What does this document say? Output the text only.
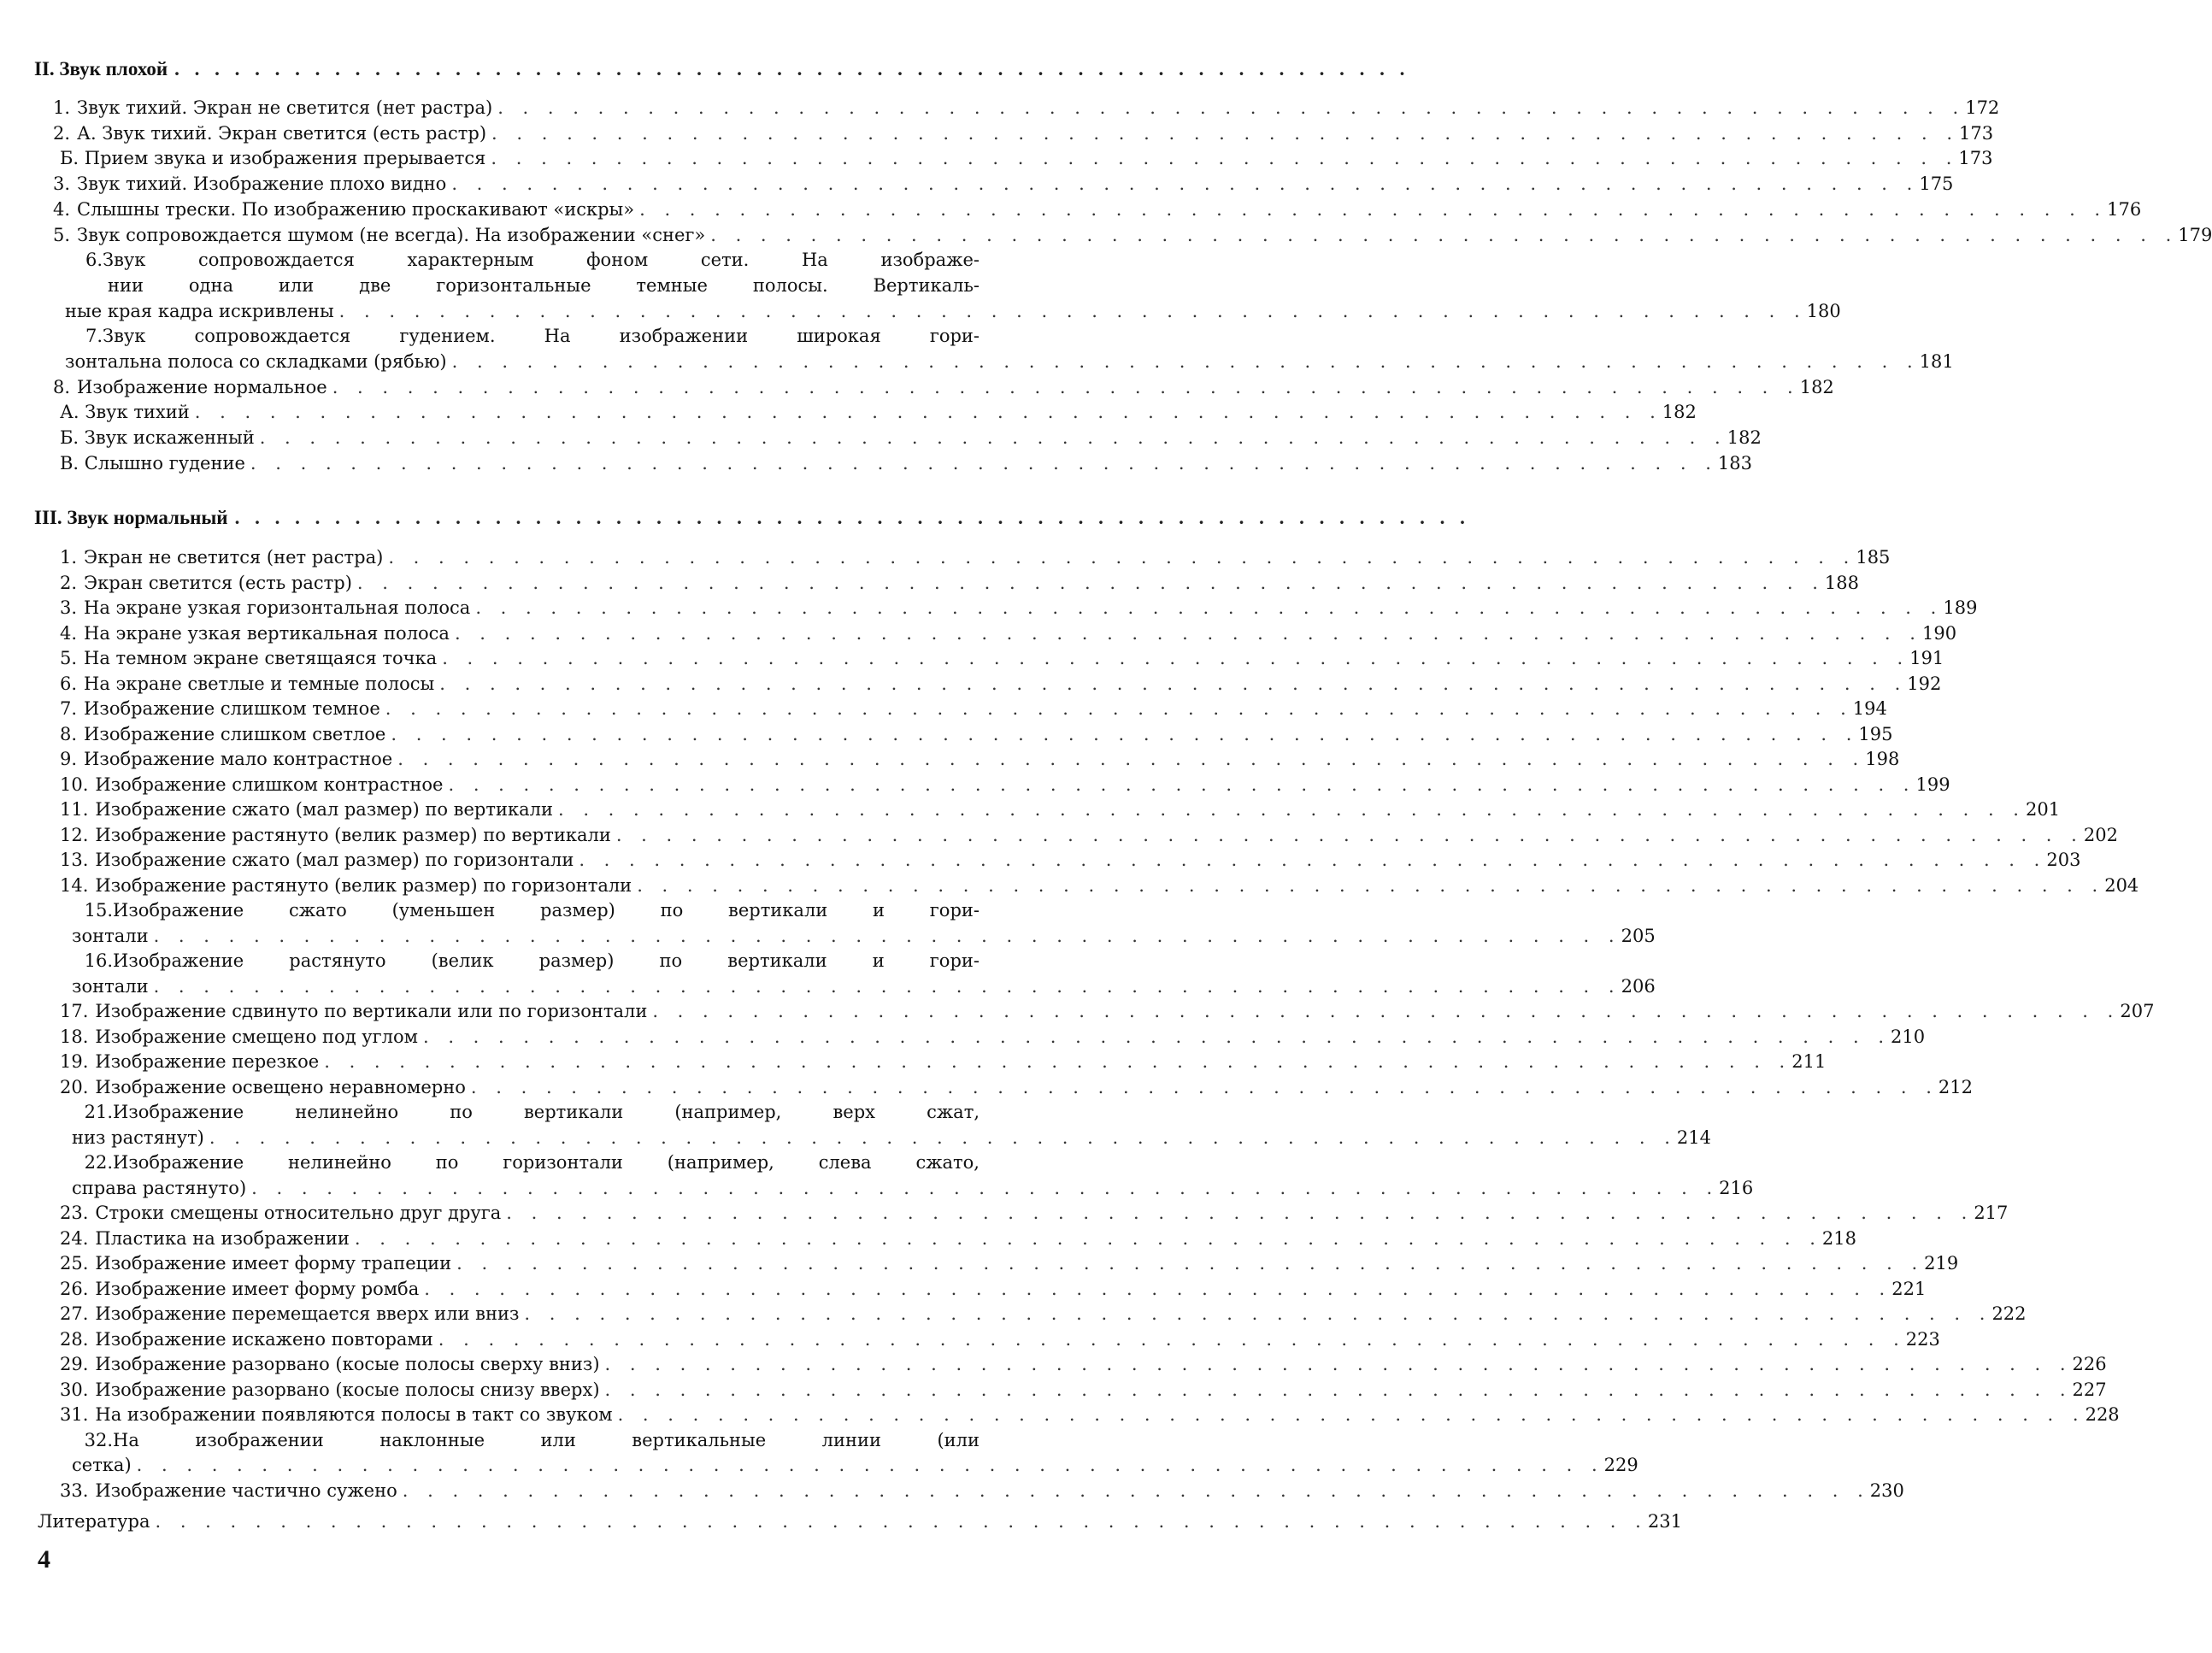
II. Звук плохой . . . . . . . . . . . . . . . . . . . . . . . . . . . . . . . . . . . . . . . . . . . . . . . . . . . . . . . . . . . . . .
1. Звук тихий. Экран не светится (нет растра) . . . . . . . . . . . . . . . . . . . . . . . . . . . . . . . . . . . . . . . . . . . . . . . . . . . . . . . . . . . 172
2. А. Звук тихий. Экран светится (есть растр) . . . . . . . . . . . . . . . . . . . . . . . . . . . . . . . . . . . . . . . . . . . . . . . . . . . . . . . . . . . 173
Б. Прием звука и изображения прерывается . . . . . . . . . . . . . . . . . . . . . . . . . . . . . . . . . . . . . . . . . . . . . . . . . . . . . . . . . . . 173
3. Звук тихий. Изображение плохо видно . . . . . . . . . . . . . . . . . . . . . . . . . . . . . . . . . . . . . . . . . . . . . . . . . . . . . . . . . . . 175
4. Слышны трески. По изображению проскакивают «искры» . . . . . . . . . . . . . . . . . . . . . . . . . . . . . . . . . . . . . . . . . . . . . . . . . . . . . . . . . . . 176
5. Звук сопровождается шумом (не всегда). На изображении «снег» . . . . . . . . . . . . . . . . . . . . . . . . . . . . . . . . . . . . . . . . . . . . . . . . . . . . . . . . . . . 179
6. Звук сопровождается характерным фоном сети. На изображе-
нии одна или две горизонтальные темные полосы. Вертикаль-
ные края кадра искривлены . . . . . . . . . . . . . . . . . . . . . . . . . . . . . . . . . . . . . . . . . . . . . . . . . . . . . . . . . . . 180
7. Звук сопровождается гудением. На изображении широкая гори-
зонтальна полоса со складками (рябью) . . . . . . . . . . . . . . . . . . . . . . . . . . . . . . . . . . . . . . . . . . . . . . . . . . . . . . . . . . . 181
8. Изображение нормальное . . . . . . . . . . . . . . . . . . . . . . . . . . . . . . . . . . . . . . . . . . . . . . . . . . . . . . . . . . . 182
А. Звук тихий . . . . . . . . . . . . . . . . . . . . . . . . . . . . . . . . . . . . . . . . . . . . . . . . . . . . . . . . . . . 182
Б. Звук искаженный . . . . . . . . . . . . . . . . . . . . . . . . . . . . . . . . . . . . . . . . . . . . . . . . . . . . . . . . . . . 182
В. Слышно гудение . . . . . . . . . . . . . . . . . . . . . . . . . . . . . . . . . . . . . . . . . . . . . . . . . . . . . . . . . . . 183
III. Звук нормальный . . . . . . . . . . . . . . . . . . . . . . . . . . . . . . . . . . . . . . . . . . . . . . . . . . . . . . . . . . . . . .
1. Экран не светится (нет растра) . . . . . . . . . . . . . . . . . . . . . . . . . . . . . . . . . . . . . . . . . . . . . . . . . . . . . . . . . . . 185
2. Экран светится (есть растр) . . . . . . . . . . . . . . . . . . . . . . . . . . . . . . . . . . . . . . . . . . . . . . . . . . . . . . . . . . . 188
3. На экране узкая горизонтальная полоса . . . . . . . . . . . . . . . . . . . . . . . . . . . . . . . . . . . . . . . . . . . . . . . . . . . . . . . . . . . 189
4. На экране узкая вертикальная полоса . . . . . . . . . . . . . . . . . . . . . . . . . . . . . . . . . . . . . . . . . . . . . . . . . . . . . . . . . . . 190
5. На темном экране светящаяся точка . . . . . . . . . . . . . . . . . . . . . . . . . . . . . . . . . . . . . . . . . . . . . . . . . . . . . . . . . . . 191
6. На экране светлые и темные полосы . . . . . . . . . . . . . . . . . . . . . . . . . . . . . . . . . . . . . . . . . . . . . . . . . . . . . . . . . . . 192
7. Изображение слишком темное . . . . . . . . . . . . . . . . . . . . . . . . . . . . . . . . . . . . . . . . . . . . . . . . . . . . . . . . . . . 194
8. Изображение слишком светлое . . . . . . . . . . . . . . . . . . . . . . . . . . . . . . . . . . . . . . . . . . . . . . . . . . . . . . . . . . . 195
9. Изображение мало контрастное . . . . . . . . . . . . . . . . . . . . . . . . . . . . . . . . . . . . . . . . . . . . . . . . . . . . . . . . . . . 198
10. Изображение слишком контрастное . . . . . . . . . . . . . . . . . . . . . . . . . . . . . . . . . . . . . . . . . . . . . . . . . . . . . . . . . . . 199
11. Изображение сжато (мал размер) по вертикали . . . . . . . . . . . . . . . . . . . . . . . . . . . . . . . . . . . . . . . . . . . . . . . . . . . . . . . . . . . 201
12. Изображение растянуто (велик размер) по вертикали . . . . . . . . . . . . . . . . . . . . . . . . . . . . . . . . . . . . . . . . . . . . . . . . . . . . . . . . . . . 202
13. Изображение сжато (мал размер) по горизонтали . . . . . . . . . . . . . . . . . . . . . . . . . . . . . . . . . . . . . . . . . . . . . . . . . . . . . . . . . . . 203
14. Изображение растянуто (велик размер) по горизонтали . . . . . . . . . . . . . . . . . . . . . . . . . . . . . . . . . . . . . . . . . . . . . . . . . . . . . . . . . . . 204
15. Изображение сжато (уменьшен размер) по вертикали и гори-
зонтали . . . . . . . . . . . . . . . . . . . . . . . . . . . . . . . . . . . . . . . . . . . . . . . . . . . . . . . . . . . 205
16. Изображение растянуто (велик размер) по вертикали и гори-
зонтали . . . . . . . . . . . . . . . . . . . . . . . . . . . . . . . . . . . . . . . . . . . . . . . . . . . . . . . . . . . 206
17. Изображение сдвинуто по вертикали или по горизонтали . . . . . . . . . . . . . . . . . . . . . . . . . . . . . . . . . . . . . . . . . . . . . . . . . . . . . . . . . . . 207
18. Изображение смещено под углом . . . . . . . . . . . . . . . . . . . . . . . . . . . . . . . . . . . . . . . . . . . . . . . . . . . . . . . . . . . 210
19. Изображение перезкое . . . . . . . . . . . . . . . . . . . . . . . . . . . . . . . . . . . . . . . . . . . . . . . . . . . . . . . . . . . 211
20. Изображение освещено неравномерно . . . . . . . . . . . . . . . . . . . . . . . . . . . . . . . . . . . . . . . . . . . . . . . . . . . . . . . . . . . 212
21. Изображение нелинейно по вертикали (например, верх сжат,
низ растянут) . . . . . . . . . . . . . . . . . . . . . . . . . . . . . . . . . . . . . . . . . . . . . . . . . . . . . . . . . . . 214
22. Изображение нелинейно по горизонтали (например, слева сжато,
справа растянуто) . . . . . . . . . . . . . . . . . . . . . . . . . . . . . . . . . . . . . . . . . . . . . . . . . . . . . . . . . . . 216
23. Строки смещены относительно друг друга . . . . . . . . . . . . . . . . . . . . . . . . . . . . . . . . . . . . . . . . . . . . . . . . . . . . . . . . . . . 217
24. Пластика на изображении . . . . . . . . . . . . . . . . . . . . . . . . . . . . . . . . . . . . . . . . . . . . . . . . . . . . . . . . . . . 218
25. Изображение имеет форму трапеции . . . . . . . . . . . . . . . . . . . . . . . . . . . . . . . . . . . . . . . . . . . . . . . . . . . . . . . . . . . 219
26. Изображение имеет форму ромба . . . . . . . . . . . . . . . . . . . . . . . . . . . . . . . . . . . . . . . . . . . . . . . . . . . . . . . . . . . 221
27. Изображение перемещается вверх или вниз . . . . . . . . . . . . . . . . . . . . . . . . . . . . . . . . . . . . . . . . . . . . . . . . . . . . . . . . . . . 222
28. Изображение искажено повторами . . . . . . . . . . . . . . . . . . . . . . . . . . . . . . . . . . . . . . . . . . . . . . . . . . . . . . . . . . . 223
29. Изображение разорвано (косые полосы сверху вниз) . . . . . . . . . . . . . . . . . . . . . . . . . . . . . . . . . . . . . . . . . . . . . . . . . . . . . . . . . . . 226
30. Изображение разорвано (косые полосы снизу вверх) . . . . . . . . . . . . . . . . . . . . . . . . . . . . . . . . . . . . . . . . . . . . . . . . . . . . . . . . . . . 227
31. На изображении появляются полосы в такт со звуком . . . . . . . . . . . . . . . . . . . . . . . . . . . . . . . . . . . . . . . . . . . . . . . . . . . . . . . . . . . 228
32. На изображении наклонные или вертикальные линии (или
сетка) . . . . . . . . . . . . . . . . . . . . . . . . . . . . . . . . . . . . . . . . . . . . . . . . . . . . . . . . . . . 229
33. Изображение частично сужено . . . . . . . . . . . . . . . . . . . . . . . . . . . . . . . . . . . . . . . . . . . . . . . . . . . . . . . . . . . 230
Литература . . . . . . . . . . . . . . . . . . . . . . . . . . . . . . . . . . . . . . . . . . . . . . . . . . . . . . . . . . . . 231
4
